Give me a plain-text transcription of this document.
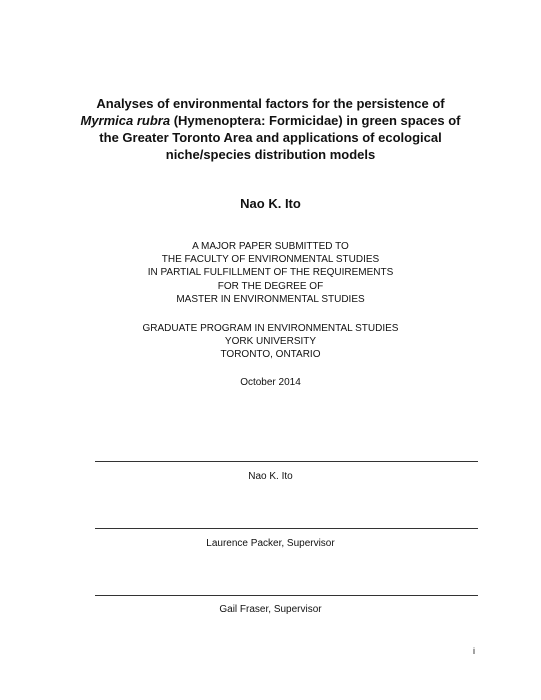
Analyses of environmental factors for the persistence of
Myrmica rubra (Hymenoptera: Formicidae) in green spaces of
the Greater Toronto Area and applications of ecological
niche/species distribution models
Nao K. Ito
A MAJOR PAPER SUBMITTED TO
THE FACULTY OF ENVIRONMENTAL STUDIES
IN PARTIAL FULFILLMENT OF THE REQUIREMENTS
FOR THE DEGREE OF
MASTER IN ENVIRONMENTAL STUDIES
GRADUATE PROGRAM IN ENVIRONMENTAL STUDIES
YORK UNIVERSITY
TORONTO, ONTARIO
October 2014
Nao K. Ito
Laurence Packer, Supervisor
Gail Fraser, Supervisor
i
